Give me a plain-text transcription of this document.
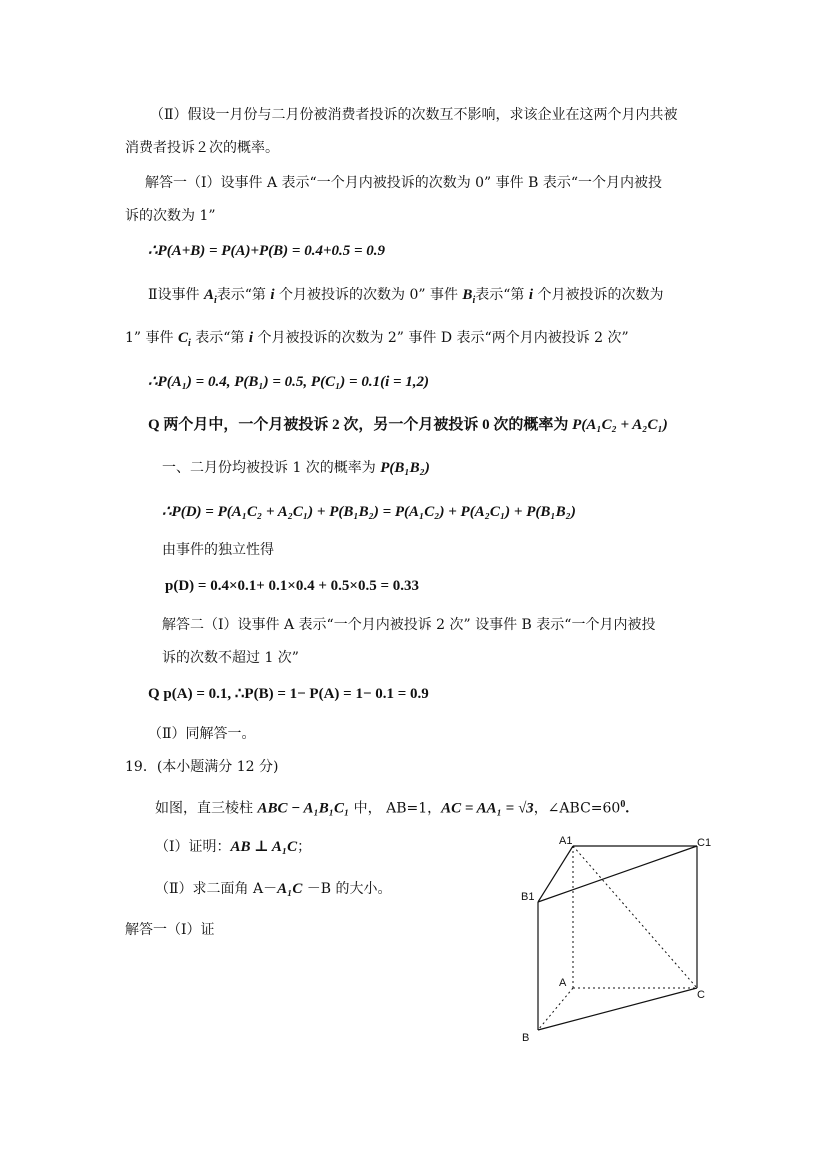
（Ⅱ）假设一月份与二月份被消费者投诉的次数互不影响，求该企业在这两个月内共被
消费者投诉２次的概率。
解答一（Ⅰ）设事件 A 表示“一个月内被投诉的次数为 0” 事件 B 表示“一个月内被投
诉的次数为 1”
∴P(A+B) = P(A)+P(B) = 0.4+0.5 = 0.9
Ⅱ设事件 $A_i$表示“第 i 个月被投诉的次数为 0” 事件 $B_i$表示“第 i 个月被投诉的次数为
1” 事件 $C_i$ 表示“第 i 个月被投诉的次数为 2” 事件 D 表示“两个月内被投诉 2 次”
∴P(A₁) = 0.4, P(B₁) = 0.5, P(C₁) = 0.1(i = 1,2)
Q 两个月中，一个月被投诉 2 次，另一个月被投诉 0 次的概率为 P(A₁C₂ + A₂C₁)
一、二月份均被投诉 1 次的概率为 P(B₁B₂)
∴P(D) = P(A₁C₂ + A₂C₁) + P(B₁B₂) = P(A₁C₂) + P(A₂C₁) + P(B₁B₂)
由事件的独立性得
p(D) = 0.4×0.1+ 0.1×0.4 + 0.5×0.5 = 0.33
解答二（Ⅰ）设事件 A 表示“一个月内被投诉 2 次” 设事件 B 表示“一个月内被投
诉的次数不超过 1 次”
Q p(A) = 0.1, ∴P(B) = 1− P(A) = 1− 0.1 = 0.9
（Ⅱ）同解答一。
19．(本小题满分 12 分)
如图，直三棱柱 ABC − A₁B₁C₁ 中， AB=1，AC = AA₁ = √3，$\angle ABC=60^0$.
（Ⅰ）证明：AB ⊥ A₁C；
（Ⅱ）求二面角 A－A₁C －B 的大小。
解答一（Ⅰ）证
A1	C1
B1
A
C
B
